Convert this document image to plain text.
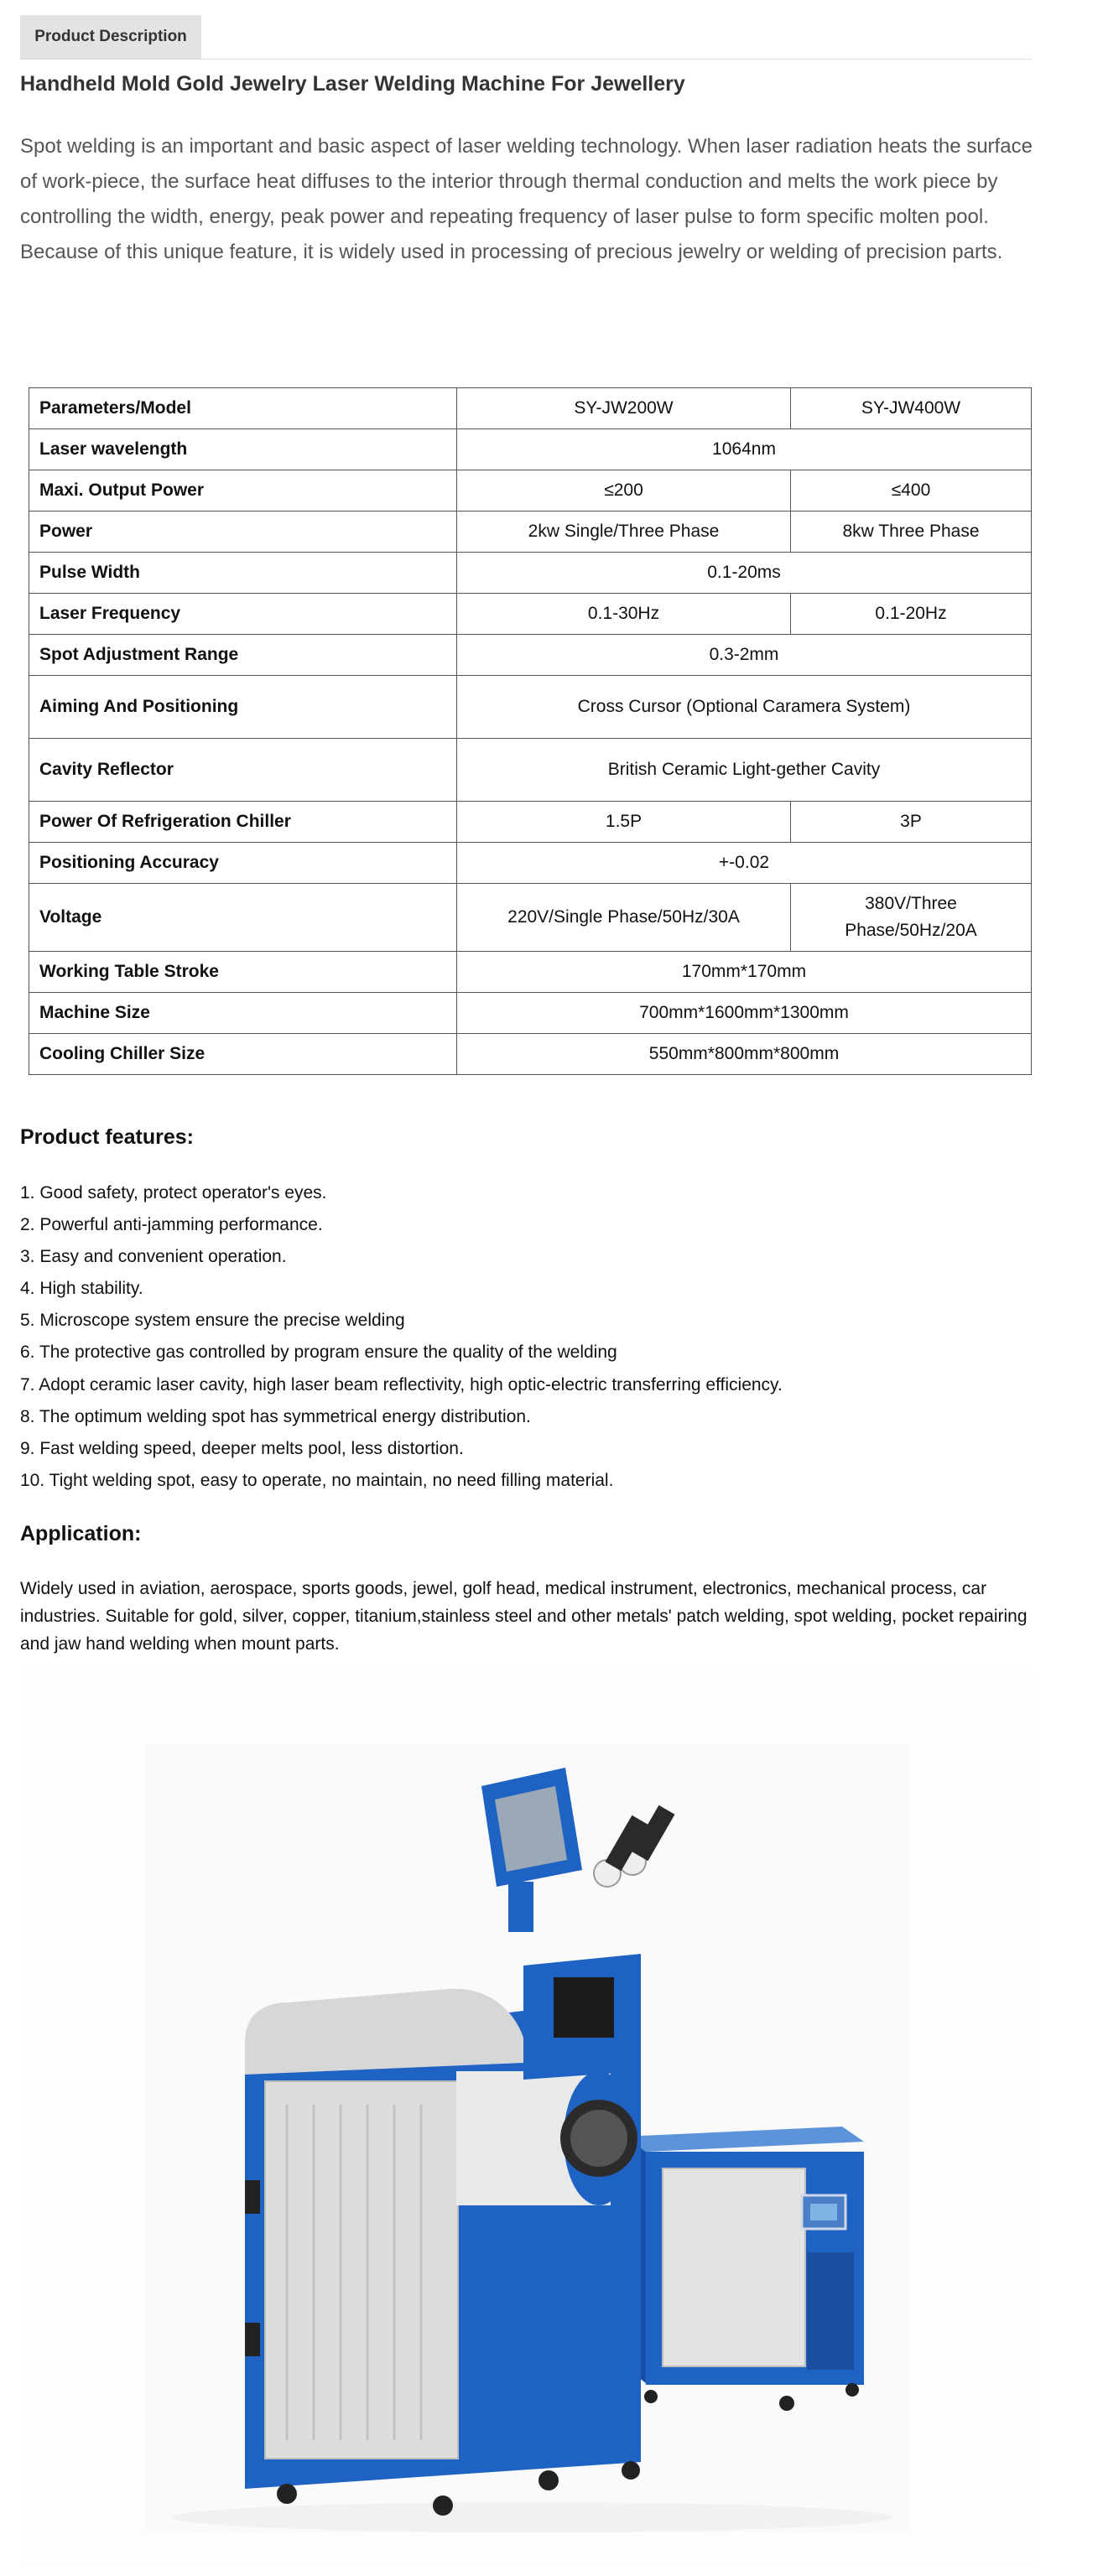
Product Description
Handheld Mold Gold Jewelry Laser Welding Machine For Jewellery

Spot welding is an important and basic aspect of laser welding technology. When laser radiation heats the surface of work-piece, the surface heat diffuses to the interior through thermal conduction and melts the work piece by controlling the width, energy, peak power and repeating frequency of laser pulse to form specific molten pool.

Because of this unique feature, it is widely used in processing of precious jewelry or welding of precision parts.

Parameters/Model	SY-JW200W	SY-JW400W
Laser wavelength	1064nm	
Maxi. Output Power	≤200	≤400
Power	2kw Single/Three Phase	8kw Three Phase
Pulse Width	0.1-20ms	
Laser Frequency	0.1-30Hz	0.1-20Hz
Spot Adjustment Range	0.3-2mm	
Aiming And Positioning	Cross Cursor (Optional Caramera System)	
Cavity Reflector	British Ceramic Light-gether Cavity	
Power Of Refrigeration Chiller	1.5P	3P
Positioning Accuracy	+-0.02	
Voltage	220V/Single Phase/50Hz/30A	380V/Three Phase/50Hz/20A
Working Table Stroke	170mm*170mm	
Machine Size	700mm*1600mm*1300mm	
Cooling Chiller Size	550mm*800mm*800mm	
Product features:
1. Good safety, protect operator's eyes.
2. Powerful anti-jamming performance.
3. Easy and convenient operation.
4. High stability.
5. Microscope system ensure the precise welding
6. The protective gas controlled by program ensure the quality of the welding
7. Adopt ceramic laser cavity, high laser beam reflectivity, high optic-electric transferring efficiency.
8. The optimum welding spot has symmetrical energy distribution.
9. Fast welding speed, deeper melts pool, less distortion.
10. Tight welding spot, easy to operate, no maintain, no need filling material.
Application:

Widely used in aviation, aerospace, sports goods, jewel, golf head, medical instrument, electronics, mechanical process, car industries. Suitable for gold, silver, copper, titanium,stainless steel and other metals' patch welding, spot welding, pocket repairing and jaw hand welding when mount parts.
